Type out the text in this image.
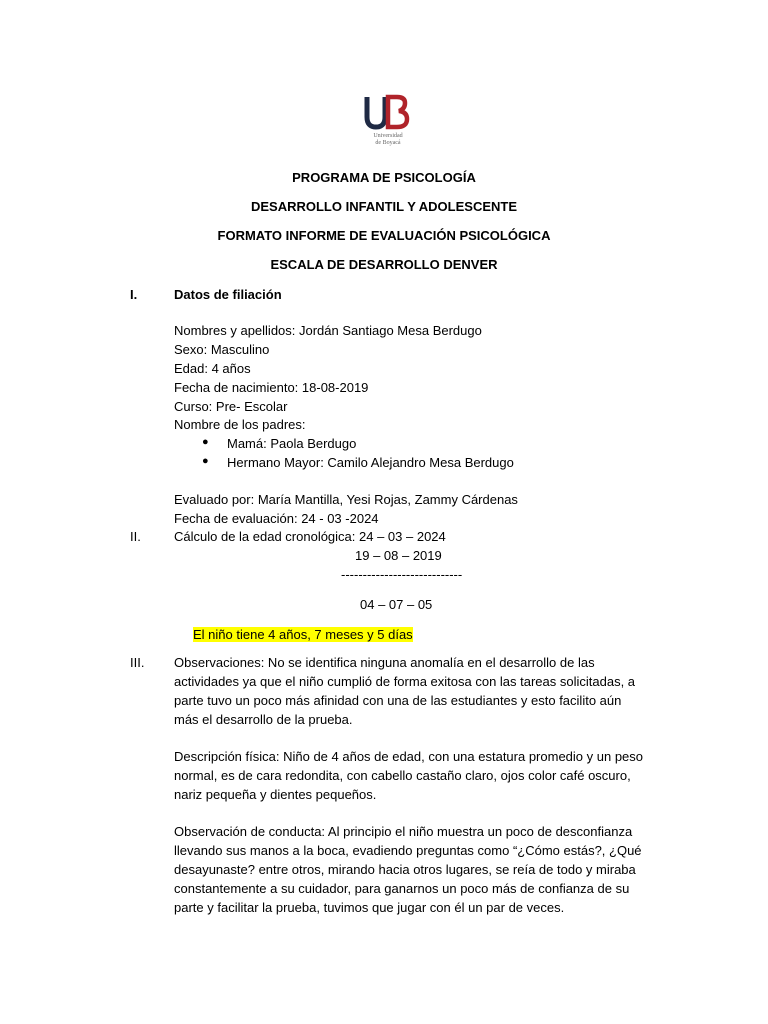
Universidad
de Boyacá
PROGRAMA DE PSICOLOGÍA
DESARROLLO INFANTIL Y ADOLESCENTE
FORMATO INFORME DE EVALUACIÓN PSICOLÓGICA
ESCALA DE DESARROLLO DENVER
I.	Datos de filiación
Nombres y apellidos: Jordán Santiago Mesa Berdugo
Sexo: Masculino
Edad: 4 años
Fecha de nacimiento: 18-08-2019
Curso: Pre- Escolar
Nombre de los padres:
● Mamá: Paola Berdugo
● Hermano Mayor: Camilo Alejandro Mesa Berdugo
Evaluado por: María Mantilla, Yesi Rojas, Zammy Cárdenas
Fecha de evaluación: 24 - 03 -2024
II.	Cálculo de la edad cronológica: 24 – 03 – 2024
19 – 08 – 2019
----------------------------
04 – 07 – 05
El niño tiene 4 años, 7 meses y 5 días
III. Observaciones: No se identifica ninguna anomalía en el desarrollo de las actividades ya que el niño cumplió de forma exitosa con las tareas solicitadas, a parte tuvo un poco más afinidad con una de las estudiantes y esto facilito aún más el desarrollo de la prueba.
Descripción física: Niño de 4 años de edad, con una estatura promedio y un peso normal, es de cara redondita, con cabello castaño claro, ojos color café oscuro, nariz pequeña y dientes pequeños.
Observación de conducta: Al principio el niño muestra un poco de desconfianza llevando sus manos a la boca, evadiendo preguntas como “¿Cómo estás?, ¿Qué desayunaste? entre otros, mirando hacia otros lugares, se reía de todo y miraba constantemente a su cuidador, para ganarnos un poco más de confianza de su parte y facilitar la prueba, tuvimos que jugar con él un par de veces.
